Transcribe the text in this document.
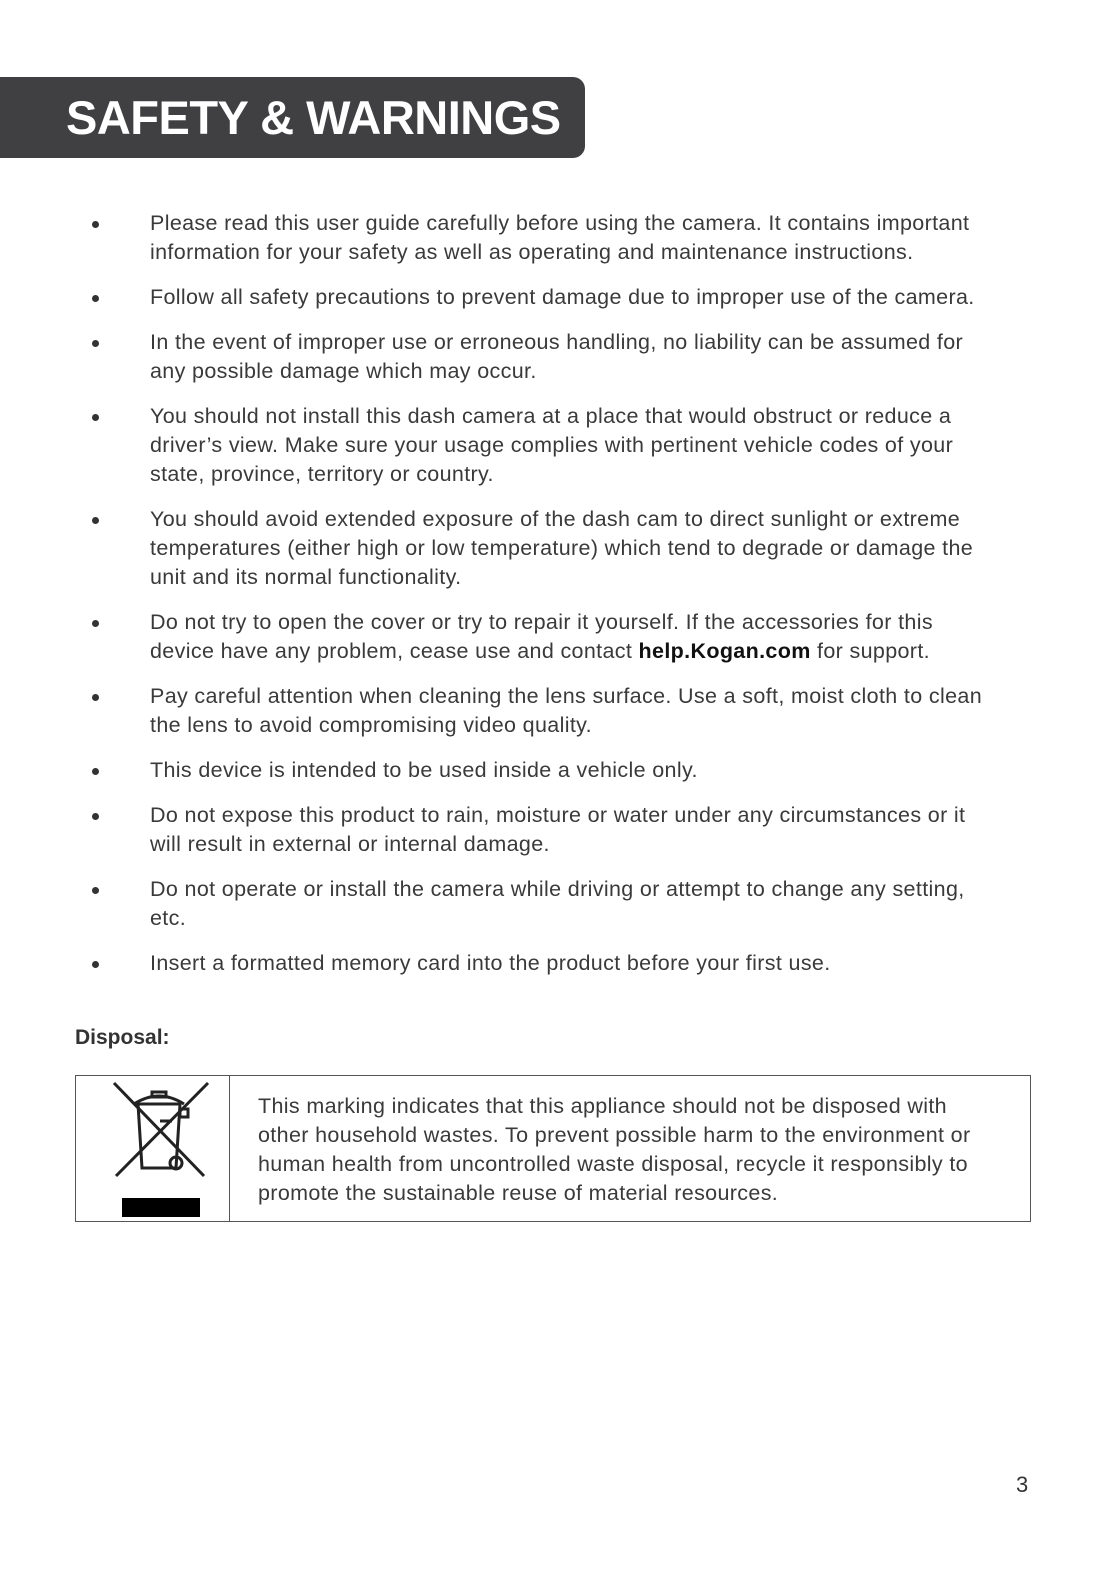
SAFETY & WARNINGS
Please read this user guide carefully before using the camera. It contains important
information for your safety as well as operating and maintenance instructions.
Follow all safety precautions to prevent damage due to improper use of the camera.
In the event of improper use or erroneous handling, no liability can be assumed for
any possible damage which may occur.
You should not install this dash camera at a place that would obstruct or reduce a
driver’s view. Make sure your usage complies with pertinent vehicle codes of your
state, province, territory or country.
You should avoid extended exposure of the dash cam to direct sunlight or extreme
temperatures (either high or low temperature) which tend to degrade or damage the
unit and its normal functionality.
Do not try to open the cover or try to repair it yourself. If the accessories for this
device have any problem, cease use and contact help.Kogan.com for support.
Pay careful attention when cleaning the lens surface. Use a soft, moist cloth to clean
the lens to avoid compromising video quality.
This device is intended to be used inside a vehicle only.
Do not expose this product to rain, moisture or water under any circumstances or it
will result in external or internal damage.
Do not operate or install the camera while driving or attempt to change any setting,
etc.
Insert a formatted memory card into the product before your first use.
Disposal:
This marking indicates that this appliance should not be disposed with
other household wastes. To prevent possible harm to the environment or
human health from uncontrolled waste disposal, recycle it responsibly to
promote the sustainable reuse of material resources.
3
